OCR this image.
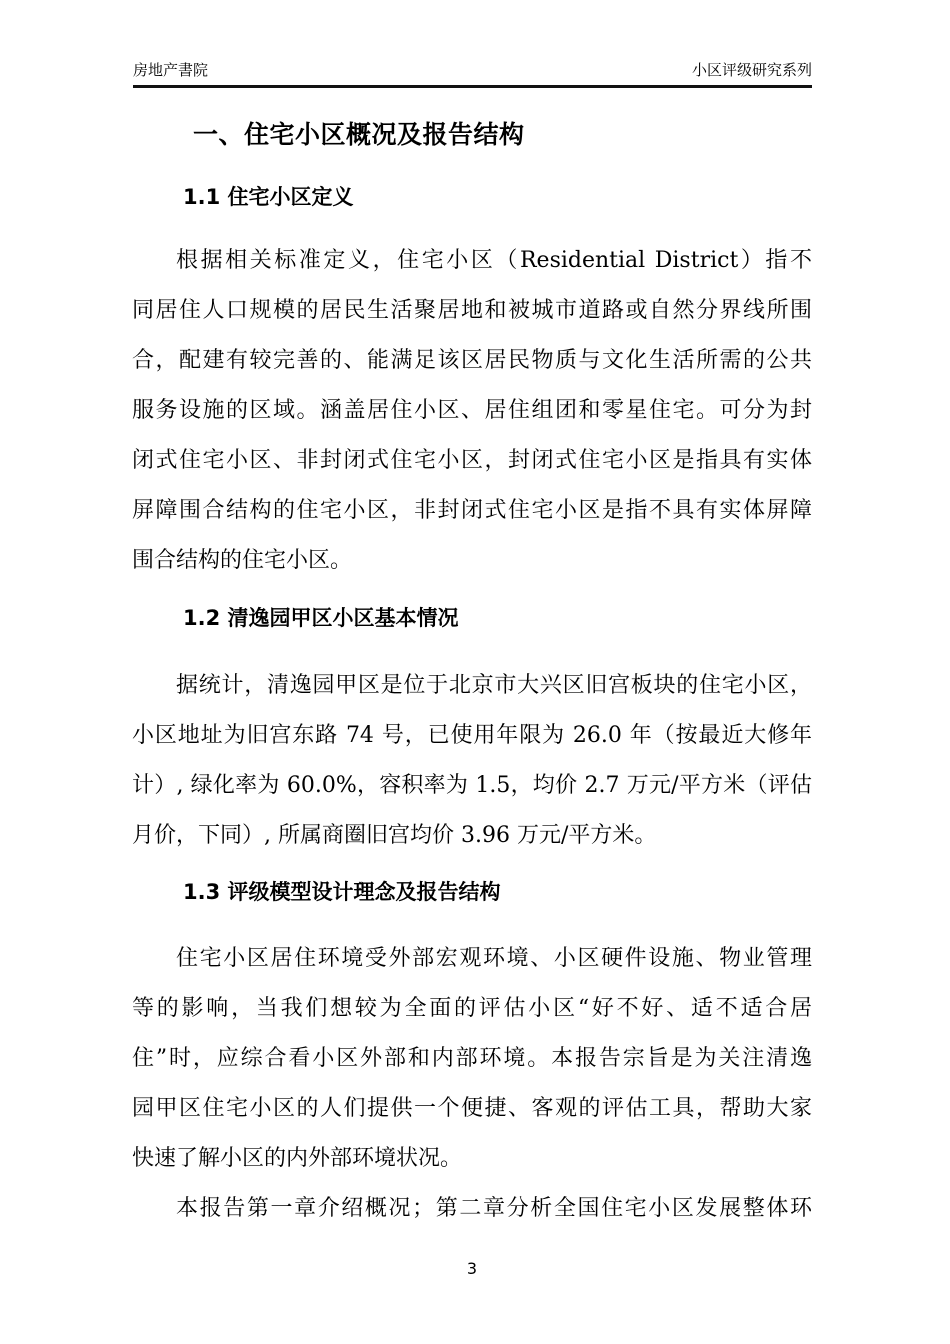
房地产書院	小区评级研究系列
一、住宅小区概况及报告结构
1.1 住宅小区定义
根据相关标准定义，住宅小区（Residential District）指不
同居住人口规模的居民生活聚居地和被城市道路或自然分界线所围
合，配建有较完善的、能满足该区居民物质与文化生活所需的公共
服务设施的区域。涵盖居住小区、居住组团和零星住宅。可分为封
闭式住宅小区、非封闭式住宅小区，封闭式住宅小区是指具有实体
屏障围合结构的住宅小区，非封闭式住宅小区是指不具有实体屏障
围合结构的住宅小区。
1.2 清逸园甲区小区基本情况
据统计，清逸园甲区是位于北京市大兴区旧宫板块的住宅小区，
小区地址为旧宫东路 74 号，已使用年限为 26.0 年（按最近大修年
计）, 绿化率为 60.0%，容积率为 1.5，均价 2.7 万元/平方米（评估
月价，下同）, 所属商圈旧宫均价 3.96 万元/平方米。
1.3 评级模型设计理念及报告结构
住宅小区居住环境受外部宏观环境、小区硬件设施、物业管理
等的影响，当我们想较为全面的评估小区“好不好、适不适合居
住”时，应综合看小区外部和内部环境。本报告宗旨是为关注清逸
园甲区住宅小区的人们提供一个便捷、客观的评估工具，帮助大家
快速了解小区的内外部环境状况。
本报告第一章介绍概况；第二章分析全国住宅小区发展整体环
3
